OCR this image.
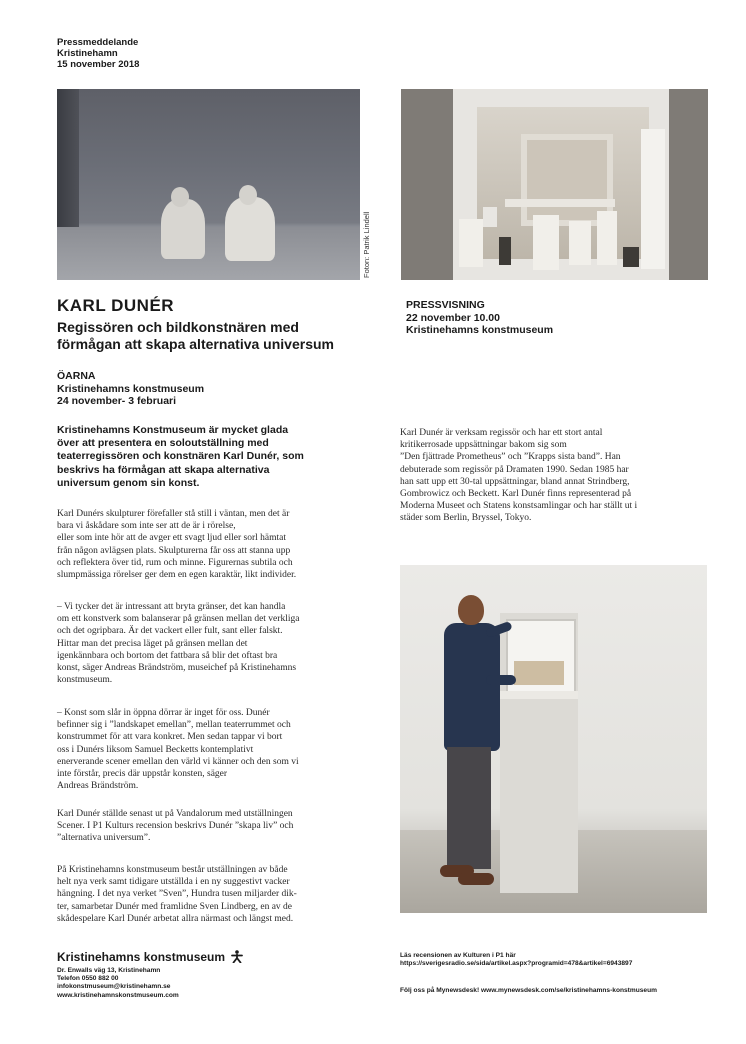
Pressmeddelande
Kristinehamn
15 november 2018
Foton: Patrik Lindell
KARL DUNÉR
Regissören och bildkonstnären med
förmågan att skapa alternativa universum
PRESSVISNING
22 november 10.00
Kristinehamns konstmuseum
ÖARNA
Kristinehamns konstmuseum
24 november- 3 februari
Kristinehamns Konstmuseum är mycket glada
över att presentera en soloutställning med
teaterregissören och konstnären Karl Dunér, som
beskrivs ha förmågan att skapa alternativa
universum genom sin konst.
Karl Dunérs skulpturer förefaller stå still i väntan, men det är
bara vi åskådare som inte ser att de är i rörelse,
eller som inte hör att de avger ett svagt ljud eller sorl hämtat
från någon avlägsen plats. Skulpturerna får oss att stanna upp
och reflektera över tid, rum och minne. Figurernas subtila och
slumpmässiga rörelser ger dem en egen karaktär, likt individer.
– Vi tycker det är intressant att bryta gränser, det kan handla
om ett konstverk som balanserar på gränsen mellan det verkliga
och det ogripbara. Är det vackert eller fult, sant eller falskt.
Hittar man det precisa läget på gränsen mellan det
igenkännbara och bortom det fattbara så blir det oftast bra
konst, säger Andreas Brändström, museichef på Kristinehamns
konstmuseum.
– Konst som slår in öppna dörrar är inget för oss. Dunér
befinner sig i ”landskapet emellan”, mellan teaterrummet och
konstrummet för att vara konkret. Men sedan tappar vi bort
oss i Dunérs liksom Samuel Becketts kontemplativt
enerverande scener emellan den värld vi känner och den som vi
inte förstår, precis där uppstår konsten, säger
Andreas Brändström.
Karl Dunér ställde senast ut på Vandalorum med utställningen
Scener. I P1 Kulturs recension beskrivs Dunér ”skapa liv” och
”alternativa universum”.
På Kristinehamns konstmuseum består utställningen av både
helt nya verk samt tidigare utställda i en ny suggestivt vacker
hängning. I det nya verket ”Sven”, Hundra tusen miljarder dik-
ter, samarbetar Dunér med framlidne Sven Lindberg, en av de
skådespelare Karl Dunér arbetat allra närmast och längst med.
Karl Dunér är verksam regissör och har ett stort antal
kritikerrosade uppsättningar bakom sig som
”Den fjättrade Prometheus” och ”Krapps sista band”. Han
debuterade som regissör på Dramaten 1990. Sedan 1985 har
han satt upp ett 30-tal uppsättningar, bland annat Strindberg,
Gombrowicz och Beckett. Karl Dunér finns representerad på
Moderna Museet och Statens konstsamlingar och har ställt ut i
städer som Berlin, Bryssel, Tokyo.
Kristinehamns konstmuseum
Dr. Enwalls väg 13, Kristinehamn
Telefon 0550 882 00
infokonstmuseum@kristinehamn.se
www.kristinehamnskonstmuseum.com
Läs recensionen av Kulturen i P1 här
https://sverigesradio.se/sida/artikel.aspx?programid=478&artikel=6943897
Följ oss på Mynewsdesk! www.mynewsdesk.com/se/kristinehamns-konstmuseum
